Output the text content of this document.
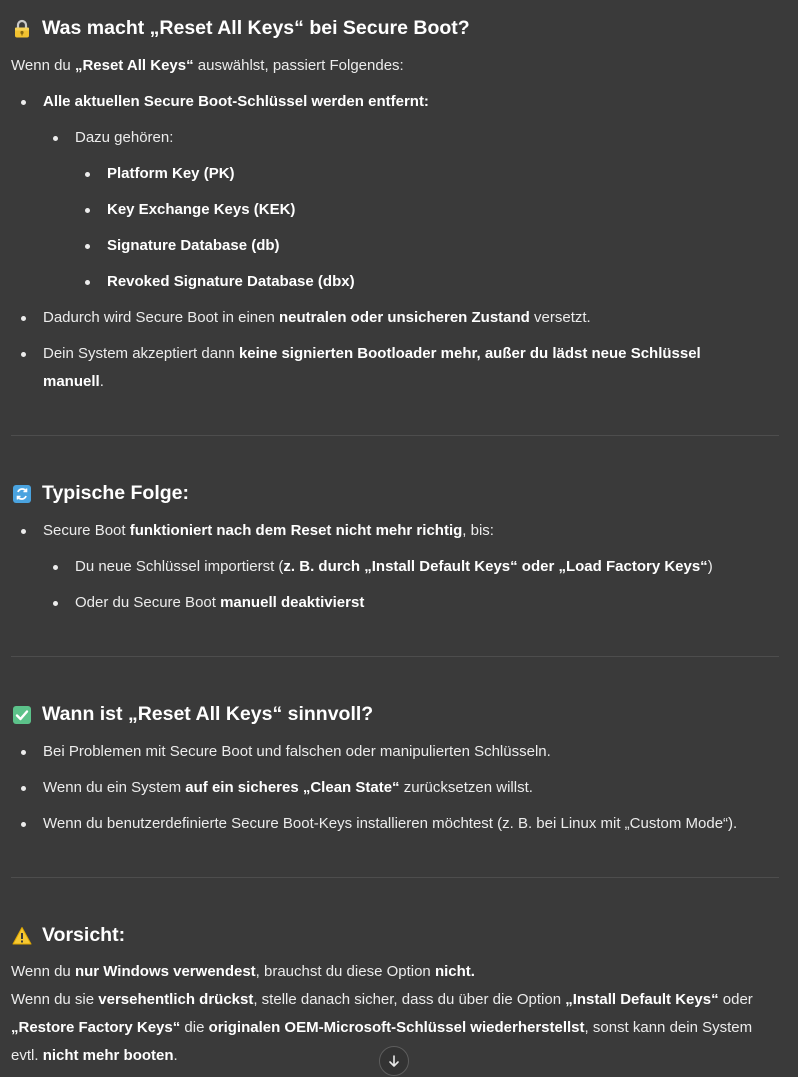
Was macht „Reset All Keys“ bei Secure Boot?
Wenn du „Reset All Keys“ auswählst, passiert Folgendes:
Alle aktuellen Secure Boot-Schlüssel werden entfernt:
Dazu gehören:
Platform Key (PK)
Key Exchange Keys (KEK)
Signature Database (db)
Revoked Signature Database (dbx)
Dadurch wird Secure Boot in einen neutralen oder unsicheren Zustand versetzt.
Dein System akzeptiert dann keine signierten Bootloader mehr, außer du lädst neue Schlüssel
manuell.
Typische Folge:
Secure Boot funktioniert nach dem Reset nicht mehr richtig, bis:
Du neue Schlüssel importierst (z. B. durch „Install Default Keys“ oder „Load Factory Keys“)
Oder du Secure Boot manuell deaktivierst
Wann ist „Reset All Keys“ sinnvoll?
Bei Problemen mit Secure Boot und falschen oder manipulierten Schlüsseln.
Wenn du ein System auf ein sicheres „Clean State“ zurücksetzen willst.
Wenn du benutzerdefinierte Secure Boot-Keys installieren möchtest (z. B. bei Linux mit „Custom Mode“).
Vorsicht:
Wenn du nur Windows verwendest, brauchst du diese Option nicht.
Wenn du sie versehentlich drückst, stelle danach sicher, dass du über die Option „Install Default Keys“ oder
„Restore Factory Keys“ die originalen OEM-Microsoft-Schlüssel wiederherstellst, sonst kann dein System
evtl. nicht mehr booten.
